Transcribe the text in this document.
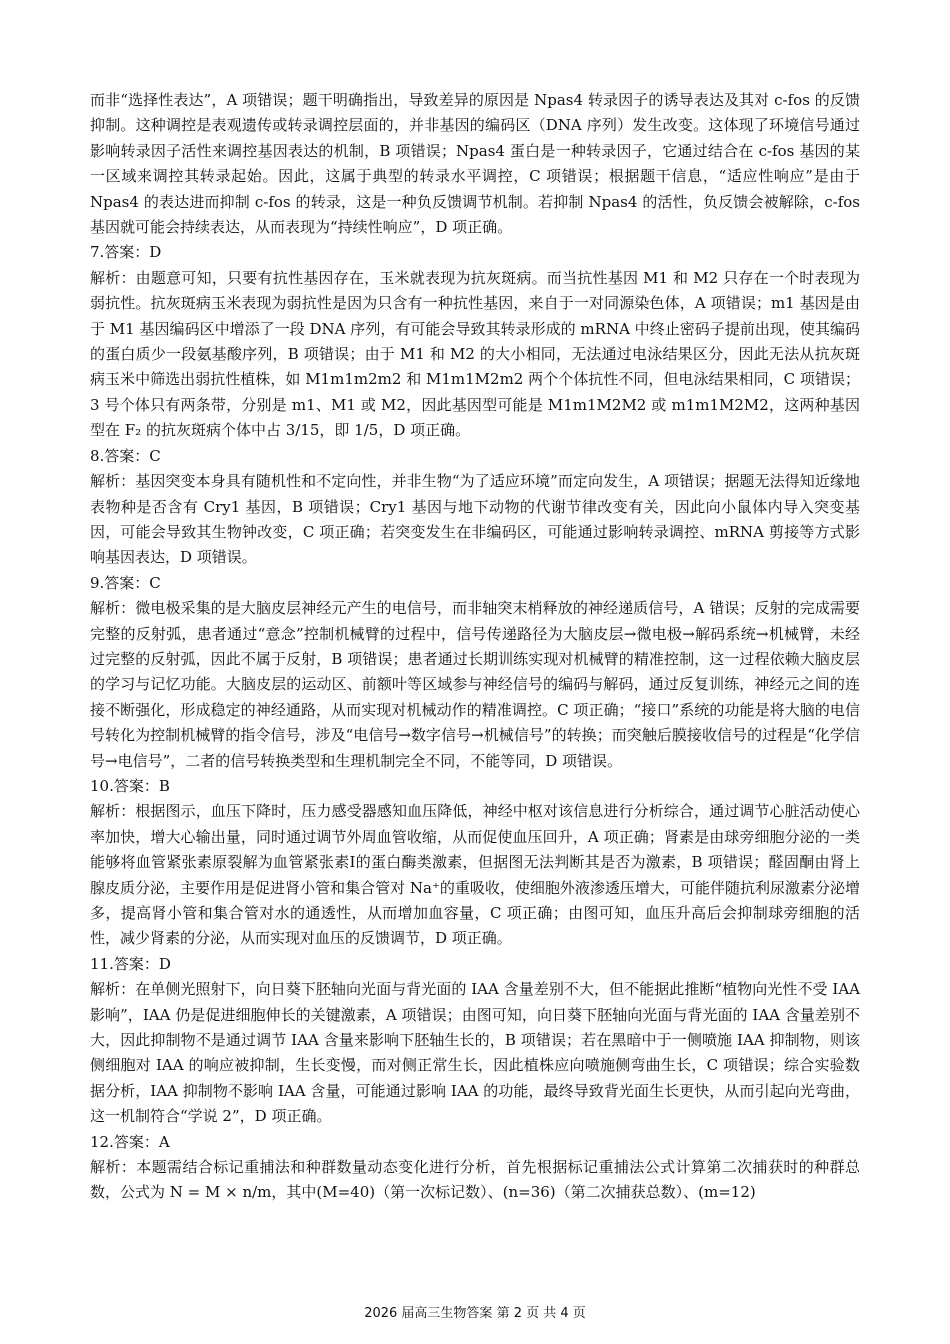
而非“选择性表达”，A 项错误；题干明确指出，导致差异的原因是 Npas4 转录因子的诱导表达及其对 c-fos 的反馈抑制。这种调控是表观遗传或转录调控层面的，并非基因的编码区（DNA 序列）发生改变。这体现了环境信号通过影响转录因子活性来调控基因表达的机制，B 项错误；Npas4 蛋白是一种转录因子，它通过结合在 c-fos 基因的某一区域来调控其转录起始。因此，这属于典型的转录水平调控，C 项错误；根据题干信息，“适应性响应”是由于 Npas4 的表达进而抑制 c-fos 的转录，这是一种负反馈调节机制。若抑制 Npas4 的活性，负反馈会被解除，c-fos 基因就可能会持续表达，从而表现为“持续性响应”，D 项正确。

7.答案：D

解析：由题意可知，只要有抗性基因存在，玉米就表现为抗灰斑病。而当抗性基因 M1 和 M2 只存在一个时表现为弱抗性。抗灰斑病玉米表现为弱抗性是因为只含有一种抗性基因，来自于一对同源染色体，A 项错误；m1 基因是由于 M1 基因编码区中增添了一段 DNA 序列，有可能会导致其转录形成的 mRNA 中终止密码子提前出现，使其编码的蛋白质少一段氨基酸序列，B 项错误；由于 M1 和 M2 的大小相同，无法通过电泳结果区分，因此无法从抗灰斑病玉米中筛选出弱抗性植株，如 M1m1m2m2 和 M1m1M2m2 两个个体抗性不同，但电泳结果相同，C 项错误；3 号个体只有两条带，分别是 m1、M1 或 M2，因此基因型可能是 M1m1M2M2 或 m1m1M2M2，这两种基因型在 F₂ 的抗灰斑病个体中占 3/15，即 1/5，D 项正确。

8.答案：C

解析：基因突变本身具有随机性和不定向性，并非生物“为了适应环境”而定向发生，A 项错误；据题无法得知近缘地表物种是否含有 Cry1 基因，B 项错误；Cry1 基因与地下动物的代谢节律改变有关，因此向小鼠体内导入突变基因，可能会导致其生物钟改变，C 项正确；若突变发生在非编码区，可能通过影响转录调控、mRNA 剪接等方式影响基因表达，D 项错误。

9.答案：C

解析：微电极采集的是大脑皮层神经元产生的电信号，而非轴突末梢释放的神经递质信号，A 错误；反射的完成需要完整的反射弧，患者通过“意念”控制机械臂的过程中，信号传递路径为大脑皮层→微电极→解码系统→机械臂，未经过完整的反射弧，因此不属于反射，B 项错误；患者通过长期训练实现对机械臂的精准控制，这一过程依赖大脑皮层的学习与记忆功能。大脑皮层的运动区、前额叶等区域参与神经信号的编码与解码，通过反复训练，神经元之间的连接不断强化，形成稳定的神经通路，从而实现对机械动作的精准调控。C 项正确；“接口”系统的功能是将大脑的电信号转化为控制机械臂的指令信号，涉及“电信号→数字信号→机械信号”的转换；而突触后膜接收信号的过程是“化学信号→电信号”，二者的信号转换类型和生理机制完全不同，不能等同，D 项错误。

10.答案：B

解析：根据图示，血压下降时，压力感受器感知血压降低，神经中枢对该信息进行分析综合，通过调节心脏活动使心率加快，增大心输出量，同时通过调节外周血管收缩，从而促使血压回升，A 项正确；肾素是由球旁细胞分泌的一类能够将血管紧张素原裂解为血管紧张素Ⅰ的蛋白酶类激素，但据图无法判断其是否为激素，B 项错误；醛固酮由肾上腺皮质分泌，主要作用是促进肾小管和集合管对 Na⁺的重吸收，使细胞外液渗透压增大，可能伴随抗利尿激素分泌增多，提高肾小管和集合管对水的通透性，从而增加血容量，C 项正确；由图可知，血压升高后会抑制球旁细胞的活性，减少肾素的分泌，从而实现对血压的反馈调节，D 项正确。

11.答案：D

解析：在单侧光照射下，向日葵下胚轴向光面与背光面的 IAA 含量差别不大，但不能据此推断“植物向光性不受 IAA 影响”，IAA 仍是促进细胞伸长的关键激素，A 项错误；由图可知，向日葵下胚轴向光面与背光面的 IAA 含量差别不大，因此抑制物不是通过调节 IAA 含量来影响下胚轴生长的，B 项错误；若在黑暗中于一侧喷施 IAA 抑制物，则该侧细胞对 IAA 的响应被抑制，生长变慢，而对侧正常生长，因此植株应向喷施侧弯曲生长，C 项错误；综合实验数据分析，IAA 抑制物不影响 IAA 含量，可能通过影响 IAA 的功能，最终导致背光面生长更快，从而引起向光弯曲，这一机制符合“学说 2”，D 项正确。

12.答案：A

解析：本题需结合标记重捕法和种群数量动态变化进行分析，首先根据标记重捕法公式计算第二次捕获时的种群总数，公式为 N = M × n/m，其中(M=40)（第一次标记数）、(n=36)（第二次捕获总数）、(m=12)

2026 届高三生物答案 第 2 页 共 4 页
